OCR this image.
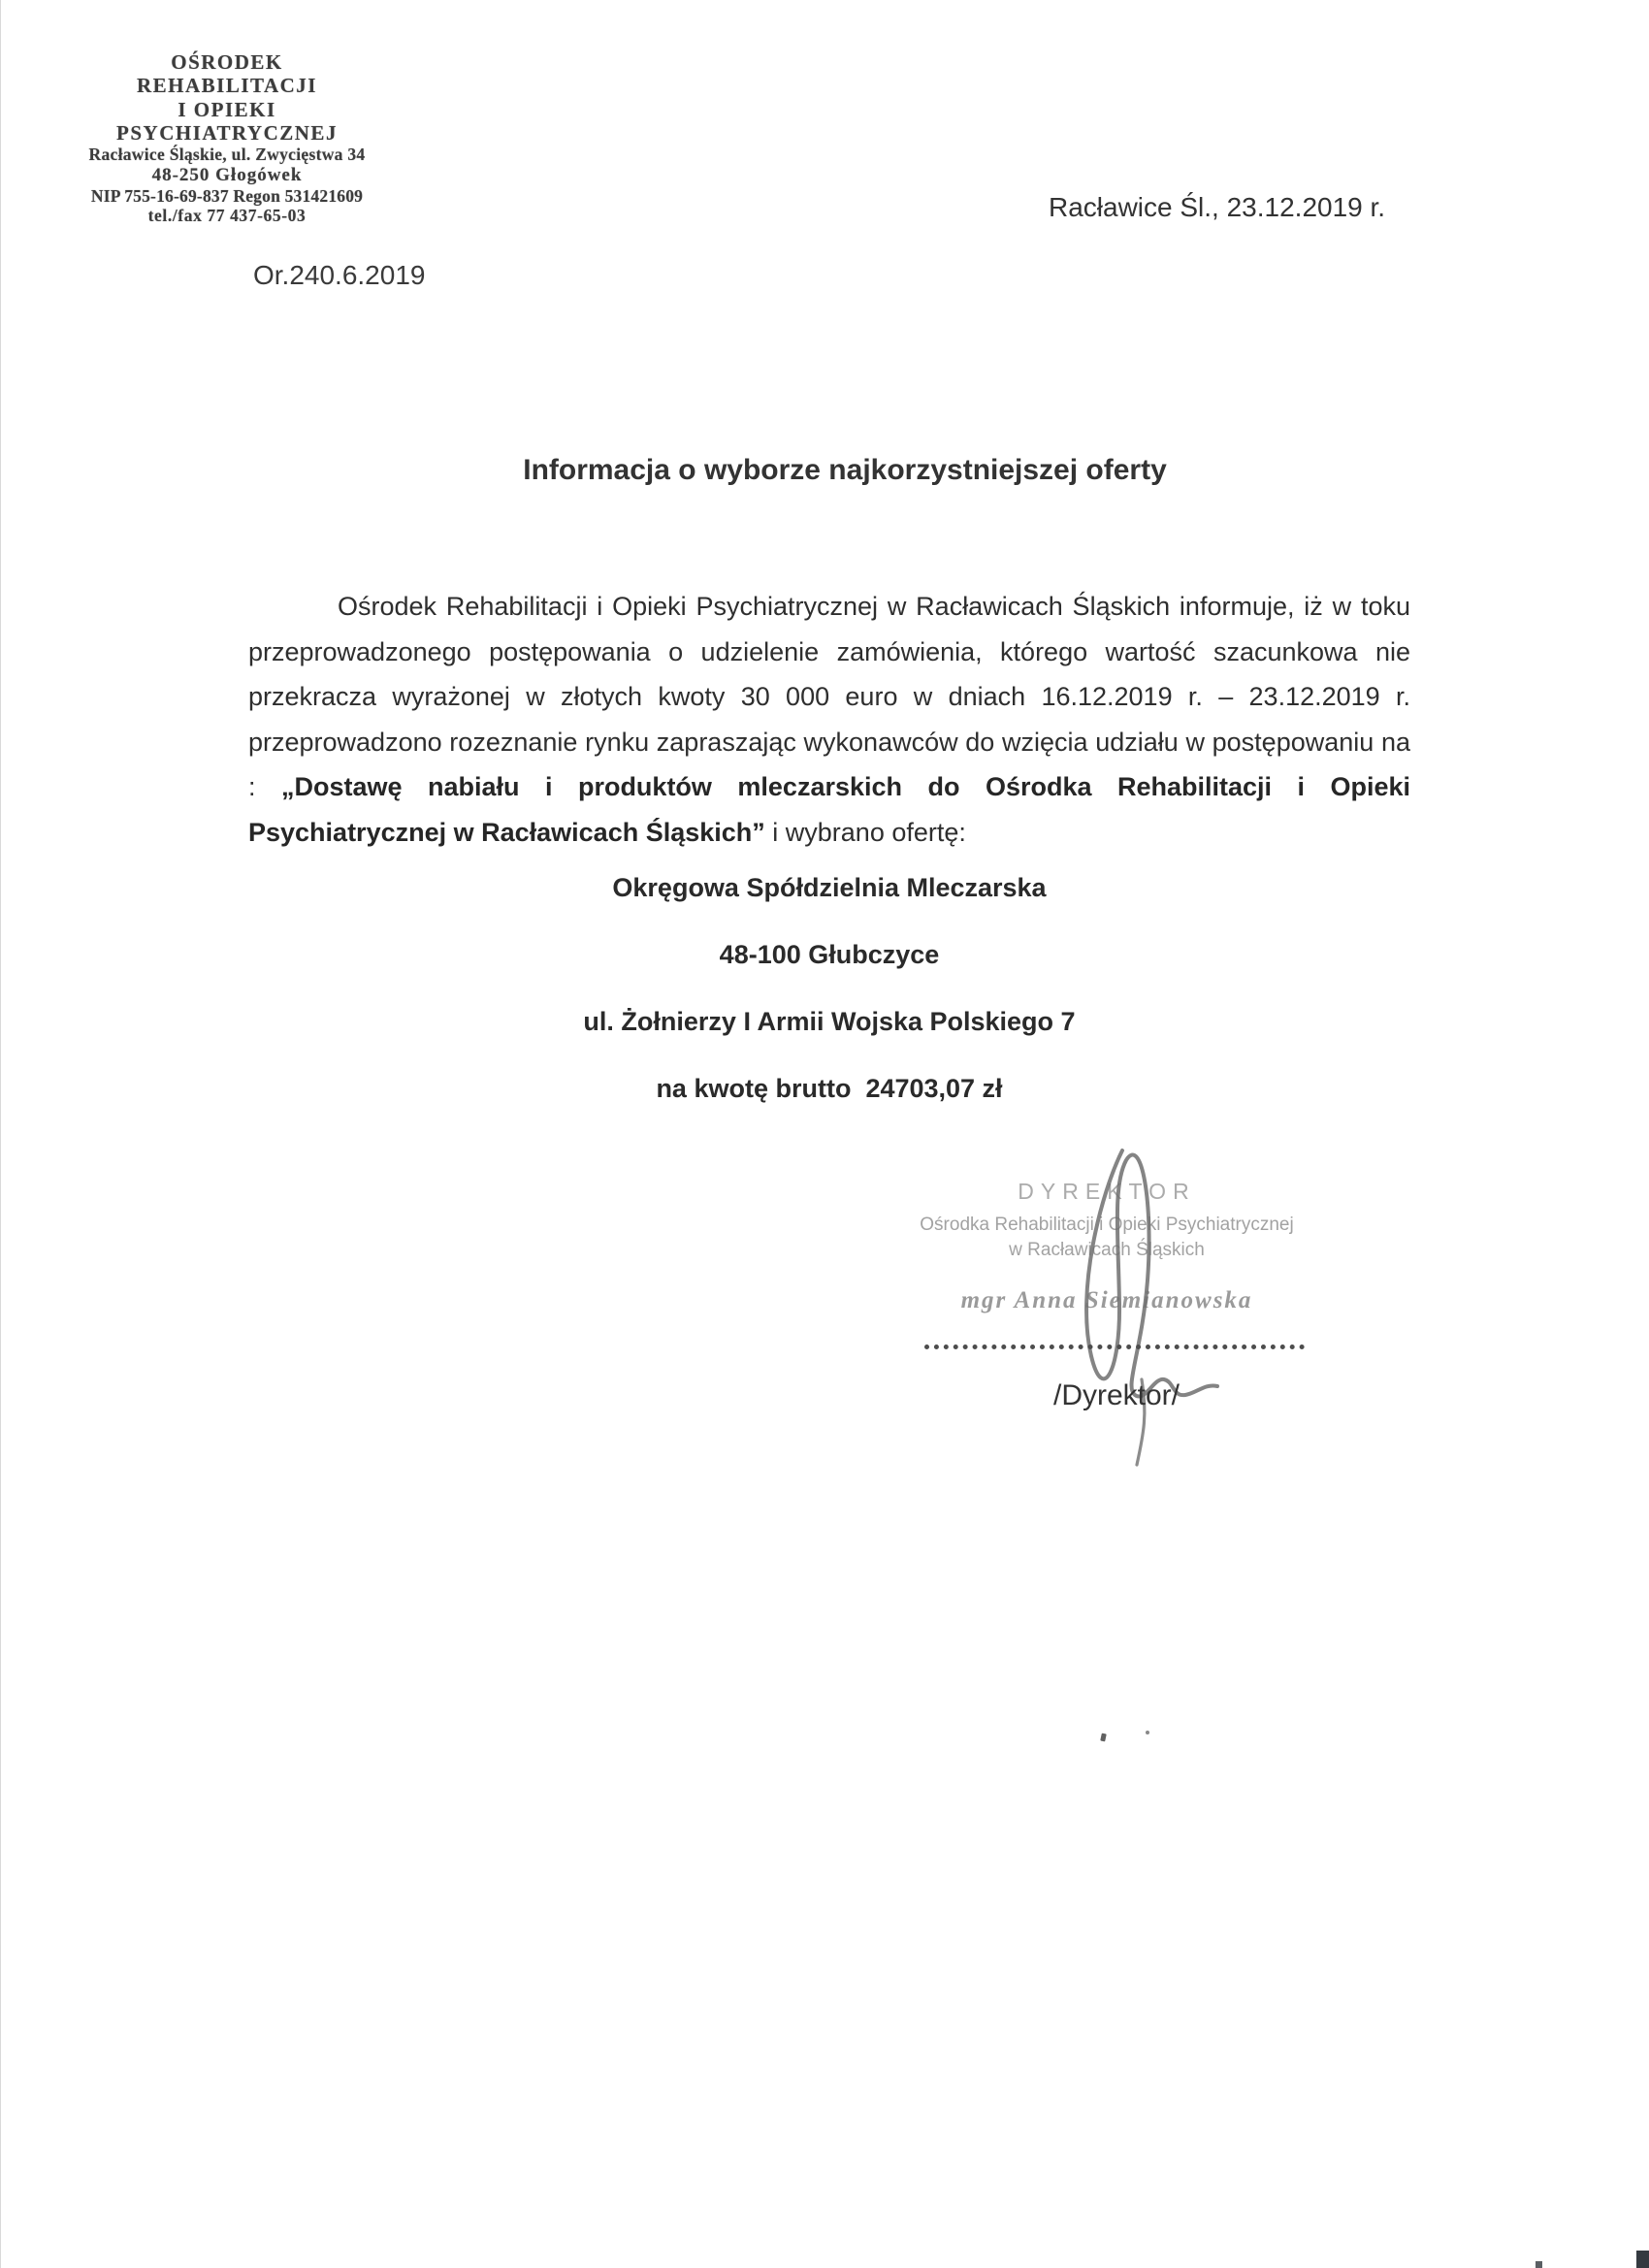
OŚRODEK REHABILITACJI
I OPIEKI PSYCHIATRYCZNEJ
Racławice Śląskie, ul. Zwycięstwa 34
48-250 Głogówek
NIP 755-16-69-837 Regon 531421609
tel./fax 77 437-65-03	Racławice Śl., 23.12.2019 r.
Or.240.6.2019
Informacja o wyborze najkorzystniejszej oferty
Ośrodek Rehabilitacji i Opieki Psychiatrycznej w Racławicach Śląskich informuje, iż w toku przeprowadzonego postępowania o udzielenie zamówienia, którego wartość szacunkowa nie przekracza wyrażonej w złotych kwoty 30 000 euro w dniach 16.12.2019 r. – 23.12.2019 r. przeprowadzono rozeznanie rynku zapraszając wykonawców do wzięcia udziału w postępowaniu na : „Dostawę nabiału i produktów mleczarskich do Ośrodka Rehabilitacji i Opieki Psychiatrycznej w Racławicach Śląskich” i wybrano ofertę:
Okręgowa Spółdzielnia Mleczarska
48-100 Głubczyce
ul. Żołnierzy I Armii Wojska Polskiego 7
na kwotę brutto  24703,07 zł
DYREKTOR
Ośrodka Rehabilitacji i Opieki Psychiatrycznej
w Racławicach Śląskich
mgr Anna Siemianowska
/Dyrektor/
